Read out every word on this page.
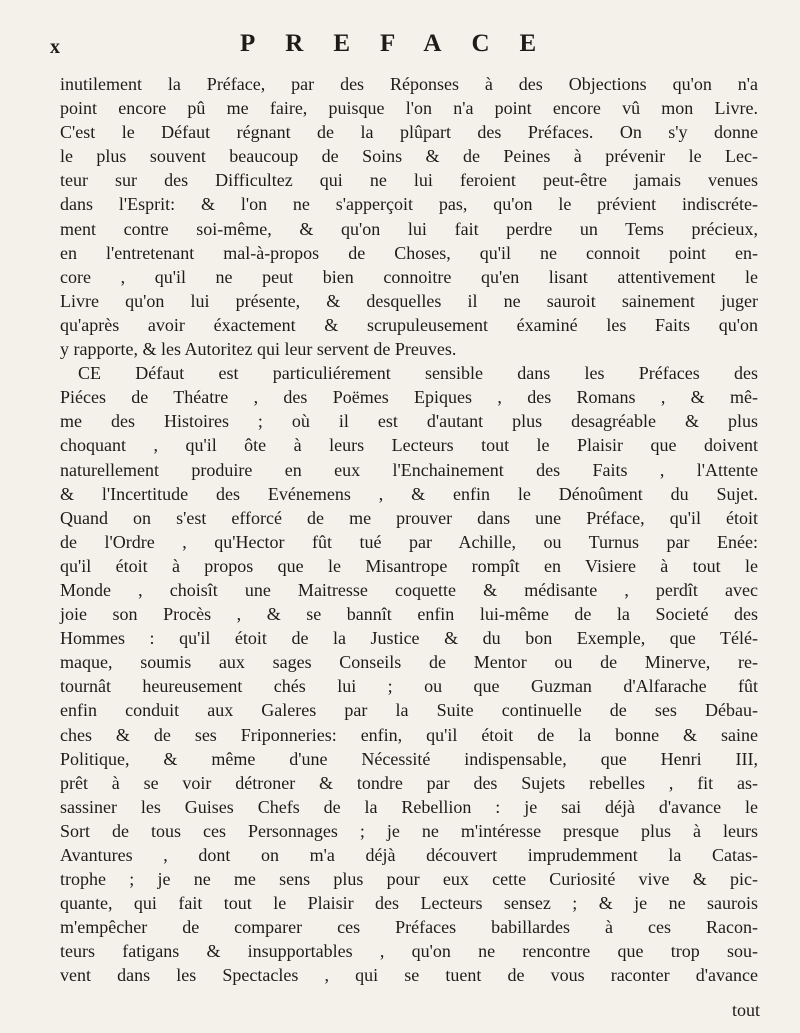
x	PREFACE
inutilement la Préface, par des Réponses à des Objections qu'on n'a
point encore pû me faire, puisque l'on n'a point encore vû mon Livre.
C'est le Défaut régnant de la plûpart des Préfaces. On s'y donne
le plus souvent beaucoup de Soins & de Peines à prévenir le Lec-
teur sur des Difficultez qui ne lui feroient peut-être jamais venues
dans l'Esprit: & l'on ne s'apperçoit pas, qu'on le prévient indiscréte-
ment contre soi-même, & qu'on lui fait perdre un Tems précieux,
en l'entretenant mal-à-propos de Choses, qu'il ne connoit point en-
core , qu'il ne peut bien connoitre qu'en lisant attentivement le
Livre qu'on lui présente, & desquelles il ne sauroit sainement juger
qu'après avoir éxactement & scrupuleusement éxaminé les Faits qu'on
y rapporte, & les Autoritez qui leur servent de Preuves.
CE Défaut est particuliérement sensible dans les Préfaces des
Piéces de Théatre , des Poëmes Epiques , des Romans , & mê-
me des Histoires ; où il est d'autant plus desagréable & plus
choquant , qu'il ôte à leurs Lecteurs tout le Plaisir que doivent
naturellement produire en eux l'Enchainement des Faits , l'Attente
& l'Incertitude des Evénemens , & enfin le Dénoûment du Sujet.
Quand on s'est efforcé de me prouver dans une Préface, qu'il étoit
de l'Ordre , qu'Hector fût tué par Achille, ou Turnus par Enée:
qu'il étoit à propos que le Misantrope rompît en Visiere à tout le
Monde , choisît une Maitresse coquette & médisante , perdît avec
joie son Procès , & se bannît enfin lui-même de la Societé des
Hommes : qu'il étoit de la Justice & du bon Exemple, que Télé-
maque, soumis aux sages Conseils de Mentor ou de Minerve, re-
tournât heureusement chés lui ; ou que Guzman d'Alfarache fût
enfin conduit aux Galeres par la Suite continuelle de ses Débau-
ches & de ses Friponneries: enfin, qu'il étoit de la bonne & saine
Politique, & même d'une Nécessité indispensable, que Henri III,
prêt à se voir détroner & tondre par des Sujets rebelles , fit as-
sassiner les Guises Chefs de la Rebellion : je sai déjà d'avance le
Sort de tous ces Personnages ; je ne m'intéresse presque plus à leurs
Avantures , dont on m'a déjà découvert imprudemment la Catas-
trophe ; je ne me sens plus pour eux cette Curiosité vive & pic-
quante, qui fait tout le Plaisir des Lecteurs sensez ; & je ne saurois
m'empêcher de comparer ces Préfaces babillardes à ces Racon-
teurs fatigans & insupportables , qu'on ne rencontre que trop sou-
vent dans les Spectacles , qui se tuent de vous raconter d'avance
tout
